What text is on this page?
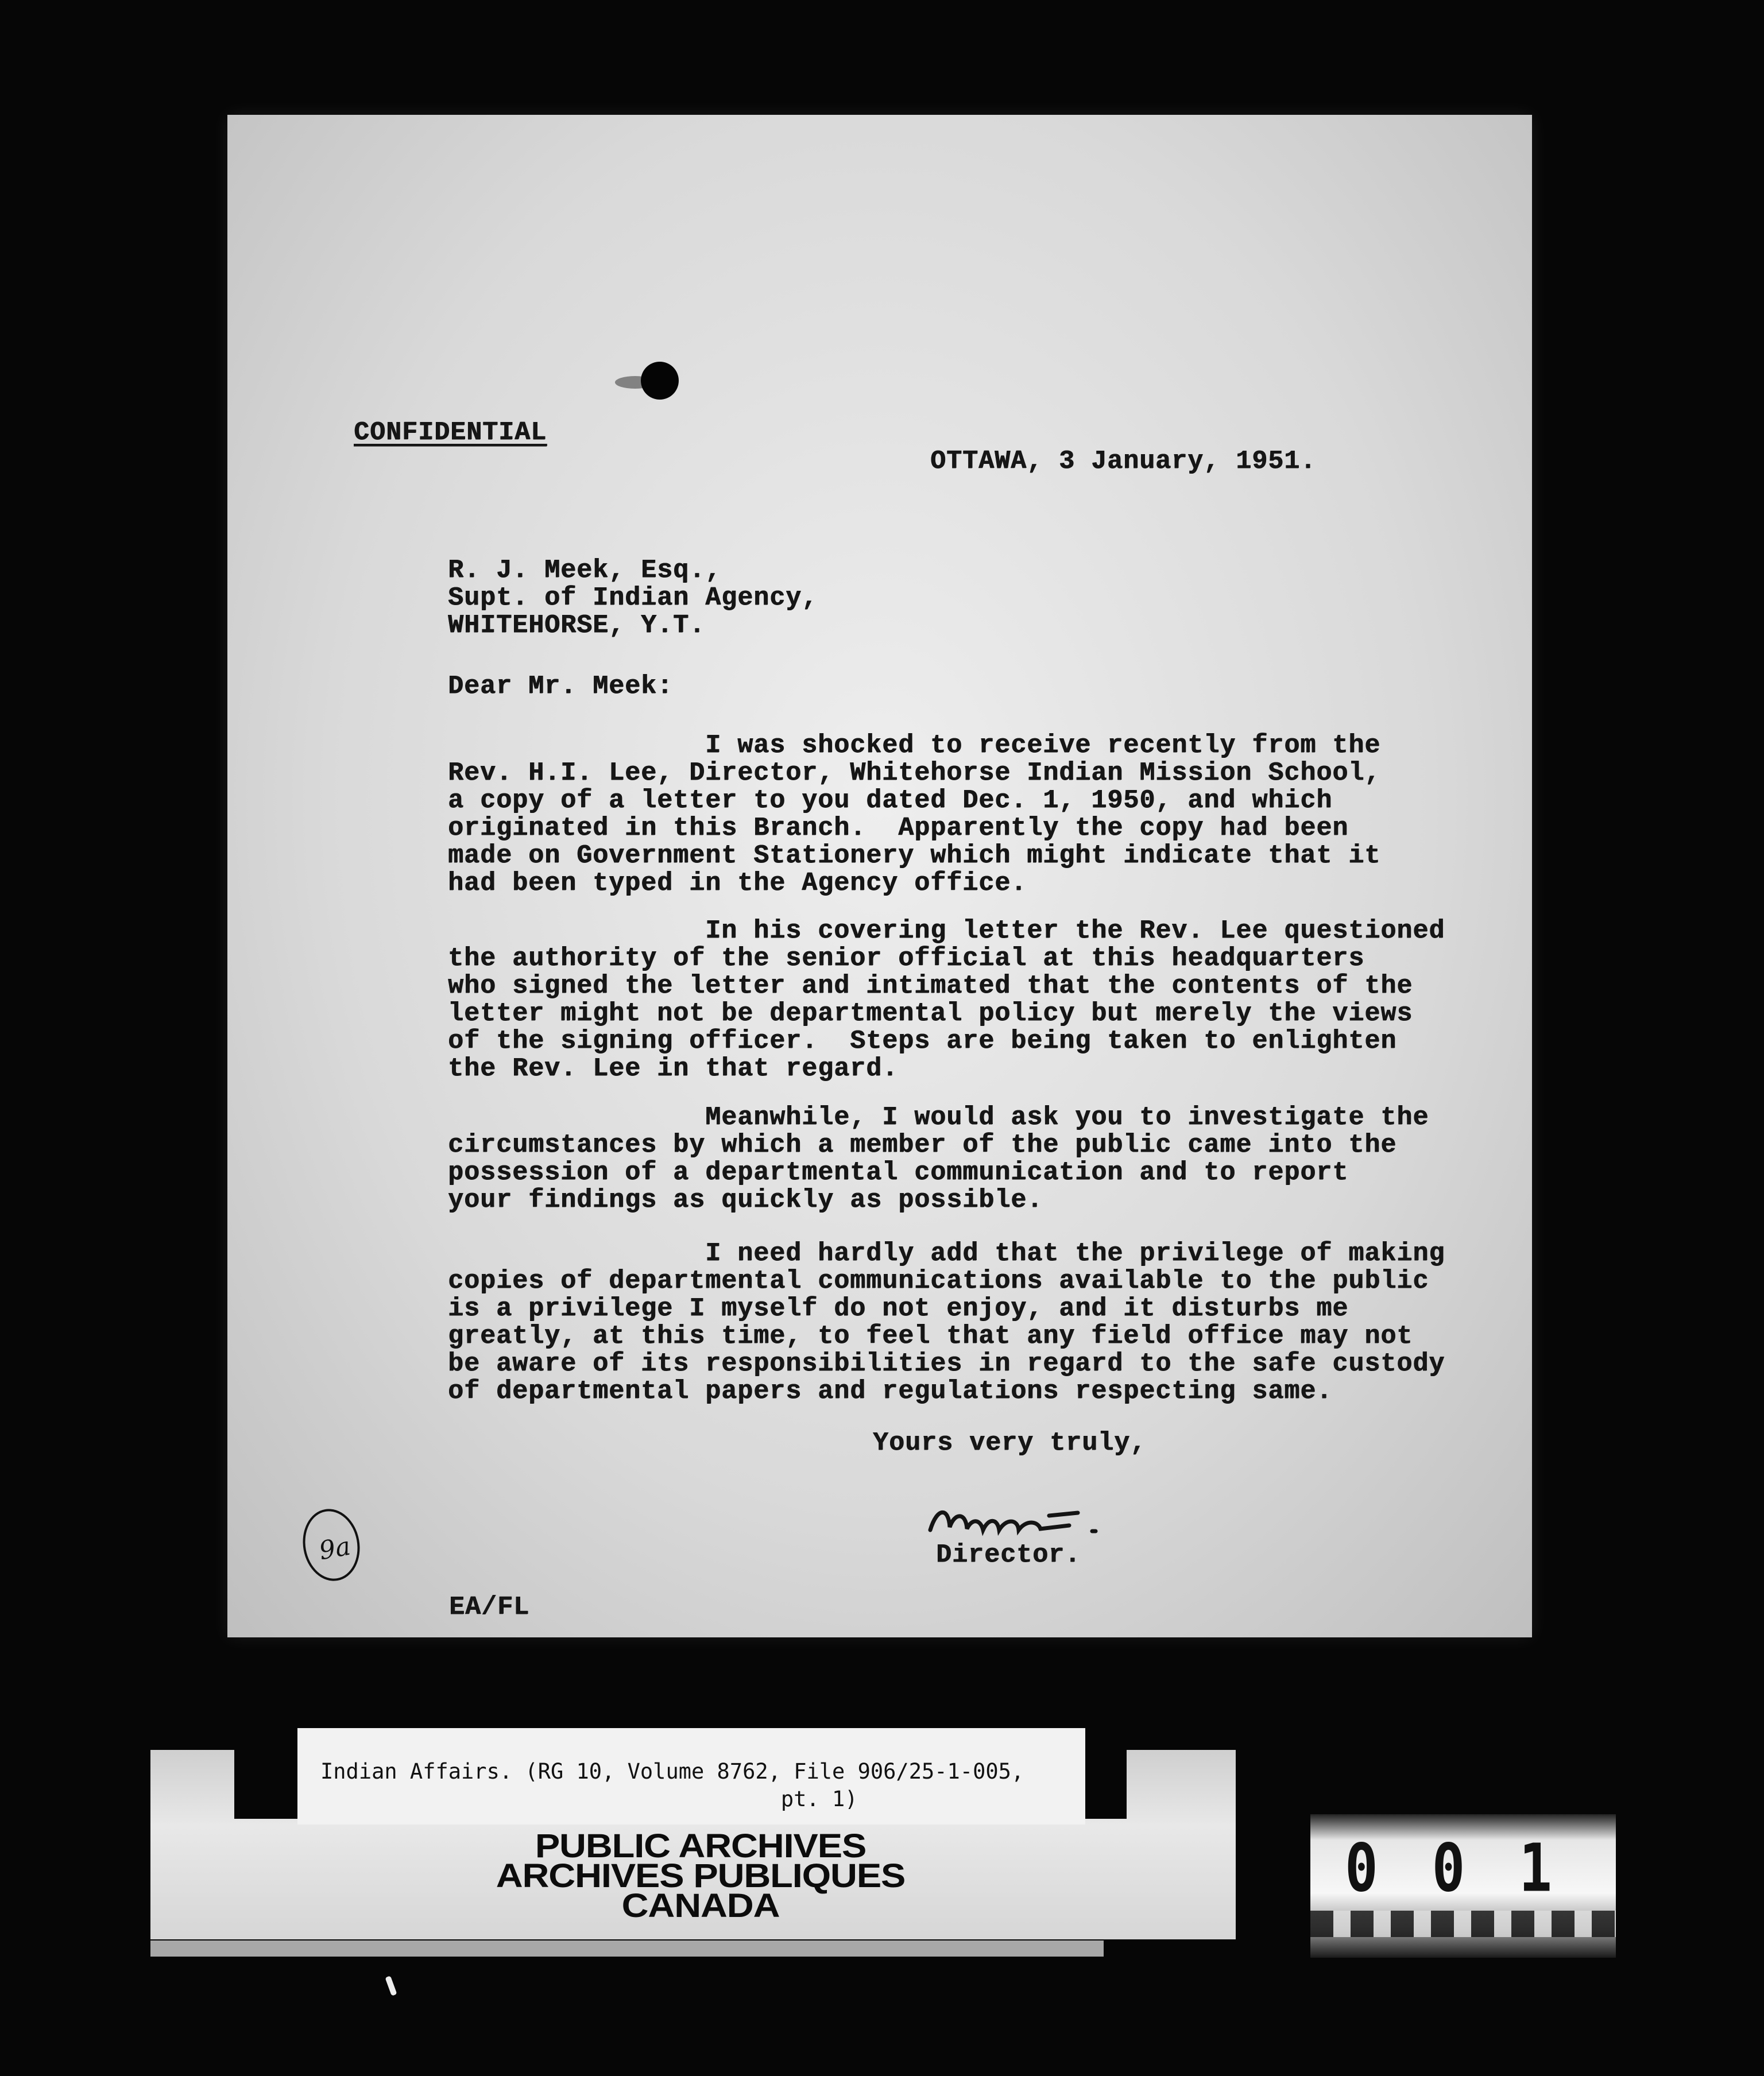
CONFIDENTIAL
OTTAWA, 3 January, 1951.
R. J. Meek, Esq.,
Supt. of Indian Agency,
WHITEHORSE, Y.T.
Dear Mr. Meek:
I was shocked to receive recently from the
Rev. H.I. Lee, Director, Whitehorse Indian Mission School,
a copy of a letter to you dated Dec. 1, 1950, and which
originated in this Branch.  Apparently the copy had been
made on Government Stationery which might indicate that it
had been typed in the Agency office.
In his covering letter the Rev. Lee questioned
the authority of the senior official at this headquarters
who signed the letter and intimated that the contents of the
letter might not be departmental policy but merely the views
of the signing officer.  Steps are being taken to enlighten
the Rev. Lee in that regard.
Meanwhile, I would ask you to investigate the
circumstances by which a member of the public came into the
possession of a departmental communication and to report
your findings as quickly as possible.
I need hardly add that the privilege of making
copies of departmental communications available to the public
is a privilege I myself do not enjoy, and it disturbs me
greatly, at this time, to feel that any field office may not
be aware of its responsibilities in regard to the safe custody
of departmental papers and regulations respecting same.
Yours very truly,
Director.
EA/FL
9a
Indian Affairs. (RG 10, Volume 8762, File 906/25-1-005,
pt. 1)
PUBLIC ARCHIVES
ARCHIVES PUBLIQUES
CANADA	0 0 1
